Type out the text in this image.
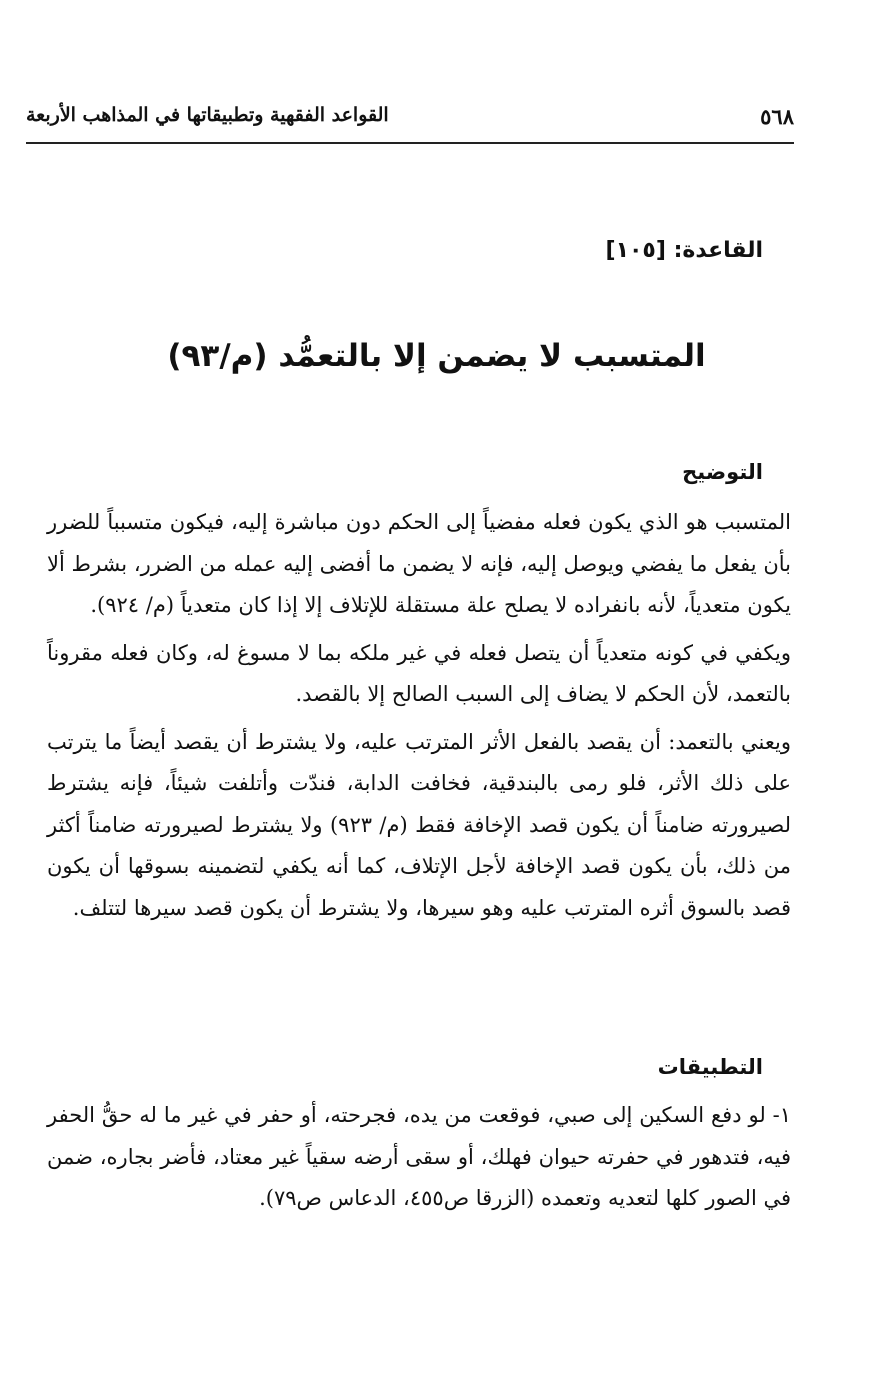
٥٦٨
القواعد الفقهية وتطبيقاتها في المذاهب الأربعة
القاعدة: [١٠٥]
المتسبب لا يضمن إلا بالتعمُّد (م/٩٣)
التوضيح

المتسبب هو الذي يكون فعله مفضياً إلى الحكم دون مباشرة إليه، فيكون متسبباً للضرر بأن يفعل ما يفضي ويوصل إليه، فإنه لا يضمن ما أفضى إليه عمله من الضرر، بشرط ألا يكون متعدياً، لأنه بانفراده لا يصلح علة مستقلة للإتلاف إلا إذا كان متعدياً (م/ ٩٢٤).

ويكفي في كونه متعدياً أن يتصل فعله في غير ملكه بما لا مسوغ له، وكان فعله مقروناً بالتعمد، لأن الحكم لا يضاف إلى السبب الصالح إلا بالقصد.

ويعني بالتعمد: أن يقصد بالفعل الأثر المترتب عليه، ولا يشترط أن يقصد أيضاً ما يترتب على ذلك الأثر، فلو رمى بالبندقية، فخافت الدابة، فندّت وأتلفت شيئاً، فإنه يشترط لصيرورته ضامناً أن يكون قصد الإخافة فقط (م/ ٩٢٣) ولا يشترط لصيرورته ضامناً أكثر من ذلك، بأن يكون قصد الإخافة لأجل الإتلاف، كما أنه يكفي لتضمينه بسوقها أن يكون قصد بالسوق أثره المترتب عليه وهو سيرها، ولا يشترط أن يكون قصد سيرها لتتلف.

التطبيقات

١- لو دفع السكين إلى صبي، فوقعت من يده، فجرحته، أو حفر في غير ما له حقُّ الحفر فيه، فتدهور في حفرته حيوان فهلك، أو سقى أرضه سقياً غير معتاد، فأضر بجاره، ضمن في الصور كلها لتعديه وتعمده (الزرقا ص٤٥٥، الدعاس ص٧٩).
